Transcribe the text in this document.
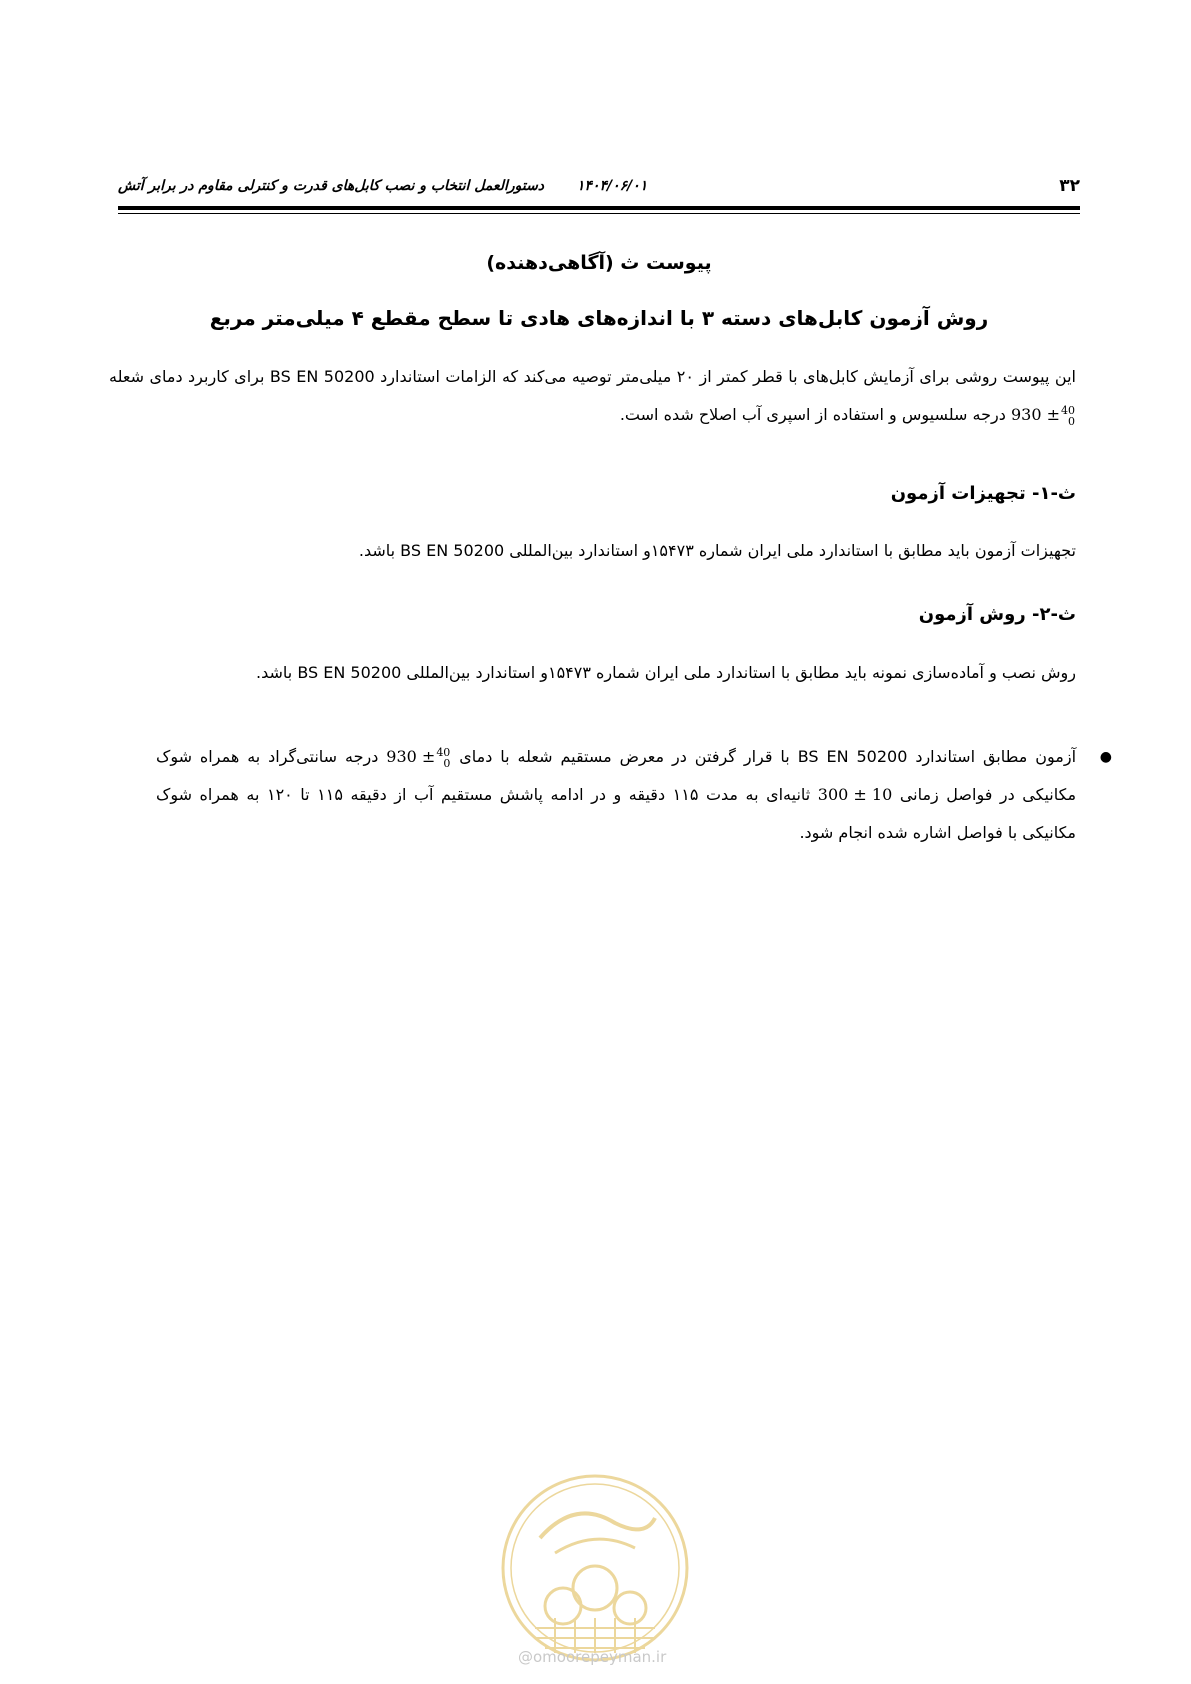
۳۲
۱۴۰۴/۰۶/۰۱ دستورالعمل انتخاب و نصب کابل‌های قدرت و کنترلی مقاوم در برابر آتش
پیوست ث (آگاهی‌دهنده)
روش آزمون کابل‌های دسته ۳ با اندازه‌های هادی تا سطح مقطع ۴ میلی‌متر مربع
این پیوست روشی برای آزمایش کابل‌های با قطر کمتر از ۲۰ میلی‌متر توصیه می‌کند که الزامات استاندارد BS EN 50200 برای کاربرد دمای شعله930 ± 40
0
درجه سلسیوس و استفاده از اسپری آب اصلاح شده است.
ث-۱- تجهیزات آزمون
تجهیزات آزمون باید مطابق با استاندارد ملی ایران شماره ۱۵۴۷۳و استاندارد بین‌المللی BS EN 50200 باشد.
ث-۲- روش آزمون
روش نصب و آماده‌سازی نمونه باید مطابق با استاندارد ملی ایران شماره ۱۵۴۷۳و استاندارد بین‌المللی BS EN 50200 باشد.
●
آزمون مطابق استاندارد BS EN 50200 با قرار گرفتن در معرض مستقیم شعله با دمای 930 ± 40
0
درجه سانتی‌گراد به همراه شوک مکانیکی در فواصل زمانی 300 ± 10 ثانیه‌ای به مدت ۱۱۵ دقیقه و در ادامه پاشش مستقیم آب از دقیقه ۱۱۵ تا ۱۲۰ به همراه شوک مکانیکی با فواصل اشاره شده انجام شود.
@omoorepeyman.ir
